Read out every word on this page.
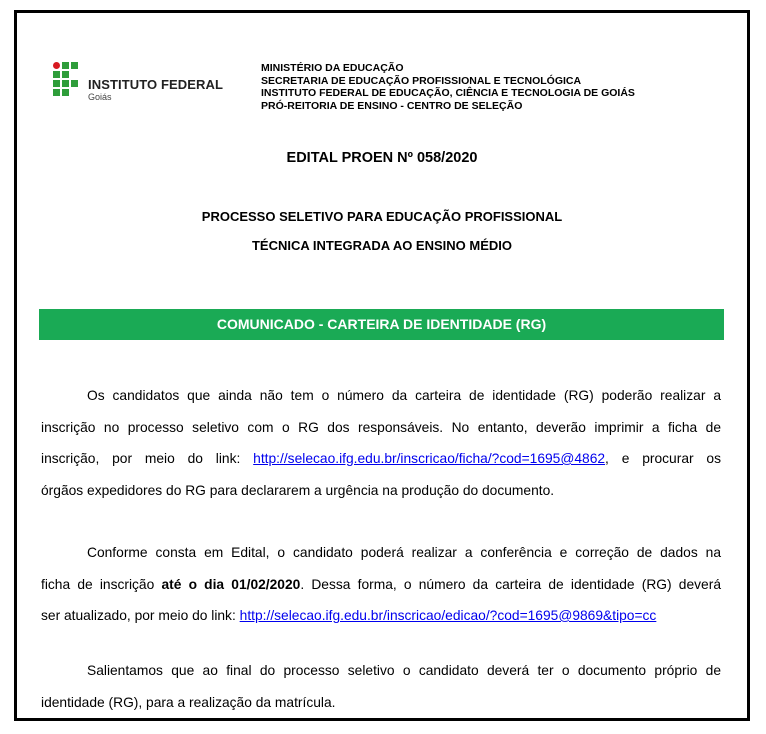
INSTITUTO FEDERAL
Goiás
MINISTÉRIO DA EDUCAÇÃO
SECRETARIA DE EDUCAÇÃO PROFISSIONAL E TECNOLÓGICA
INSTITUTO FEDERAL DE EDUCAÇÃO, CIÊNCIA E TECNOLOGIA DE GOIÁS
PRÓ-REITORIA DE ENSINO - CENTRO DE SELEÇÃO
EDITAL PROEN Nº 058/2020
PROCESSO SELETIVO PARA EDUCAÇÃO PROFISSIONAL
TÉCNICA INTEGRADA AO ENSINO MÉDIO
COMUNICADO - CARTEIRA DE IDENTIDADE (RG)
Os candidatos que ainda não tem o número da carteira de identidade (RG) poderão realizar a
inscrição no processo seletivo com o RG dos responsáveis. No entanto, deverão imprimir a ficha de
inscrição, por meio do link: http://selecao.ifg.edu.br/inscricao/ficha/?cod=1695@4862, e procurar os
órgãos expedidores do RG para declararem a urgência na produção do documento.
Conforme consta em Edital, o candidato poderá realizar a conferência e correção de dados na
ficha de inscrição até o dia 01/02/2020. Dessa forma, o número da carteira de identidade (RG) deverá
ser atualizado, por meio do link: http://selecao.ifg.edu.br/inscricao/edicao/?cod=1695@9869&tipo=cc
Salientamos que ao final do processo seletivo o candidato deverá ter o documento próprio de
identidade (RG), para a realização da matrícula.
